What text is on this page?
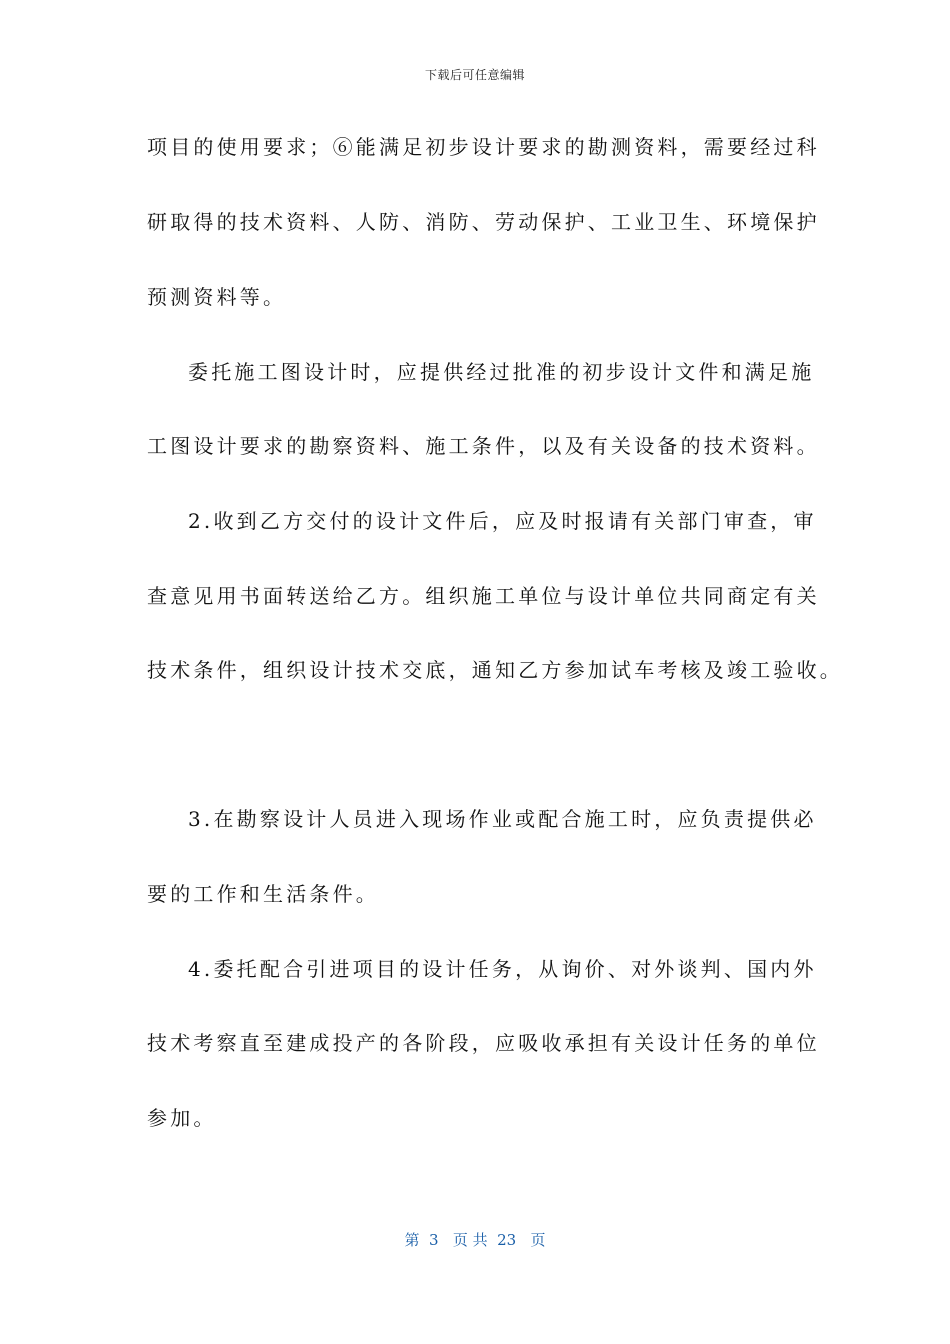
下载后可任意编辑
项目的使用要求；⑥能满足初步设计要求的勘测资料，需要经过科
研取得的技术资料、人防、消防、劳动保护、工业卫生、环境保护
预测资料等。
委托施工图设计时，应提供经过批准的初步设计文件和满足施
工图设计要求的勘察资料、施工条件，以及有关设备的技术资料。
2.收到乙方交付的设计文件后，应及时报请有关部门审查，审
查意见用书面转送给乙方。组织施工单位与设计单位共同商定有关
技术条件，组织设计技术交底，通知乙方参加试车考核及竣工验收。
3.在勘察设计人员进入现场作业或配合施工时，应负责提供必
要的工作和生活条件。
4.委托配合引进项目的设计任务，从询价、对外谈判、国内外
技术考察直至建成投产的各阶段，应吸收承担有关设计任务的单位
参加。
第  3   页 共  23   页
